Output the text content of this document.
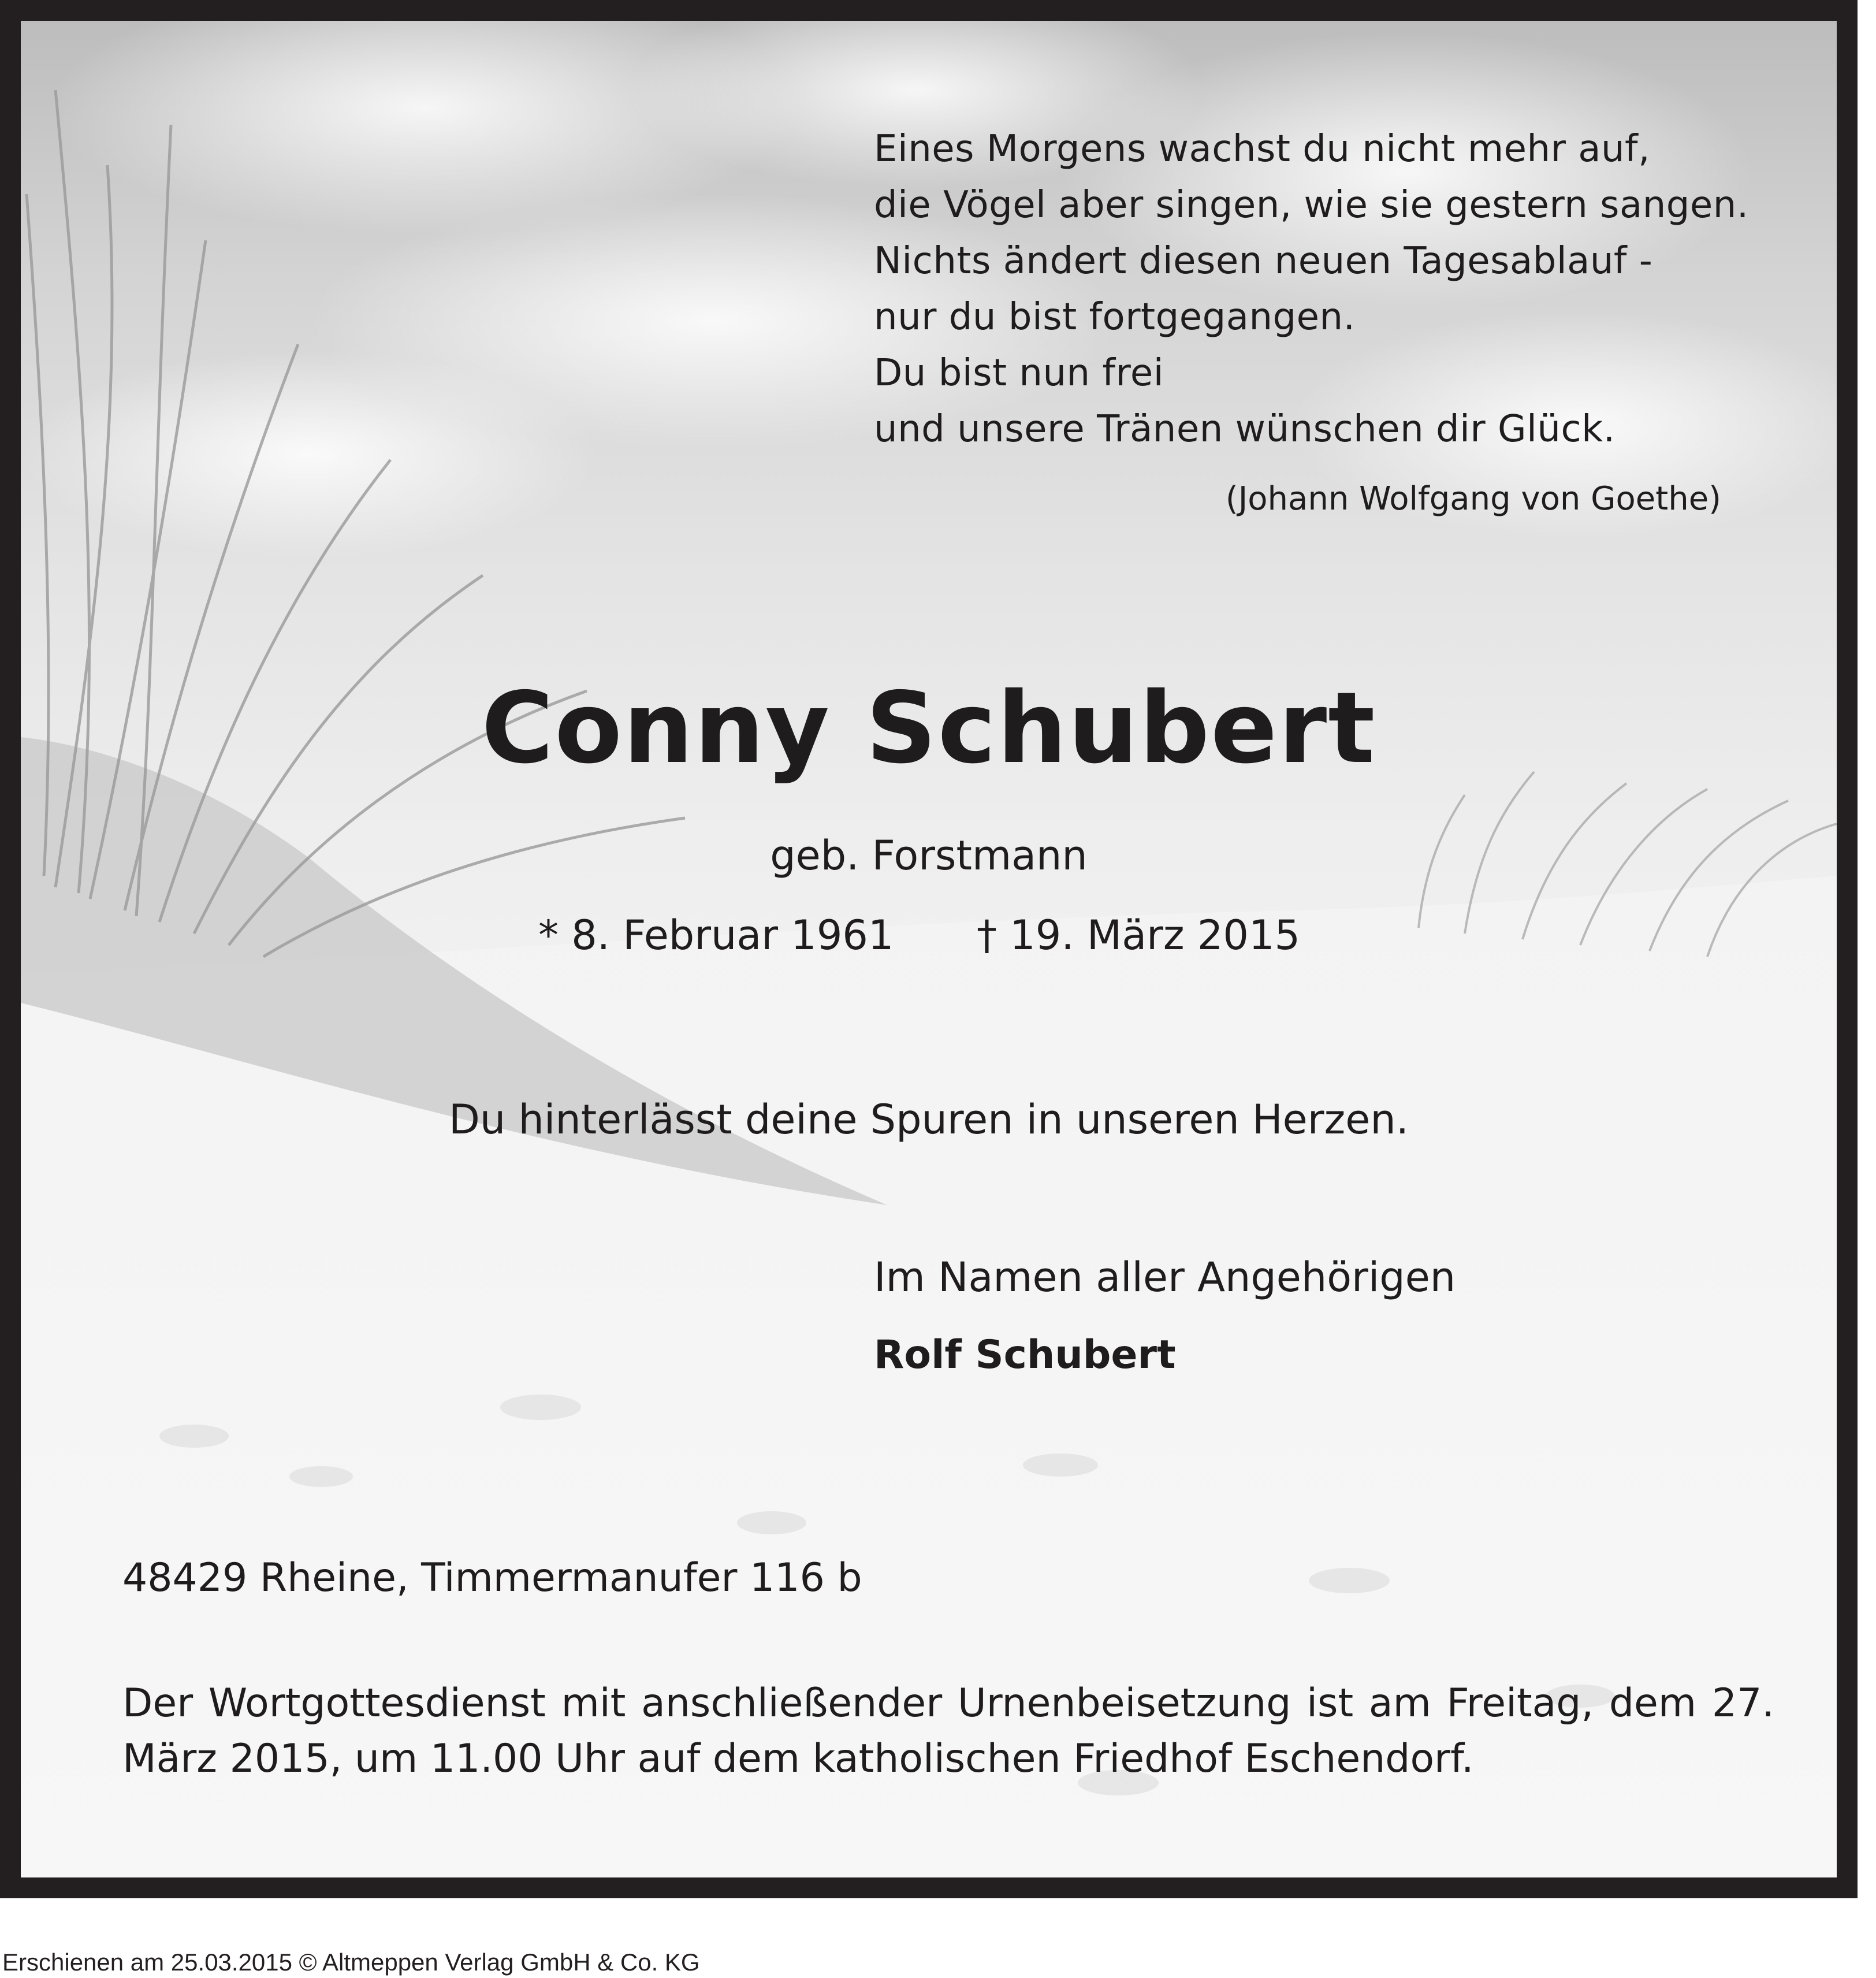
Eines Morgens wachst du nicht mehr auf,

die Vögel aber singen, wie sie gestern sangen.

Nichts ändert diesen neuen Tagesablauf -

nur du bist fortgegangen.

Du bist nun frei

und unsere Tränen wünschen dir Glück.

(Johann Wolfgang von Goethe)

Conny Schubert

geb. Forstmann

* 8. Februar 1961 † 19. März 2015

Du hinterlässt deine Spuren in unseren Herzen.

Im Namen aller Angehörigen

Rolf Schubert

48429 Rheine, Timmermanufer 116 b

Der Wortgottesdienst mit anschließender Urnenbeisetzung ist am Freitag, dem 27. März 2015, um 11.00 Uhr auf dem katholischen Friedhof Eschendorf.

Erschienen am 25.03.2015 © Altmeppen Verlag GmbH & Co. KG
